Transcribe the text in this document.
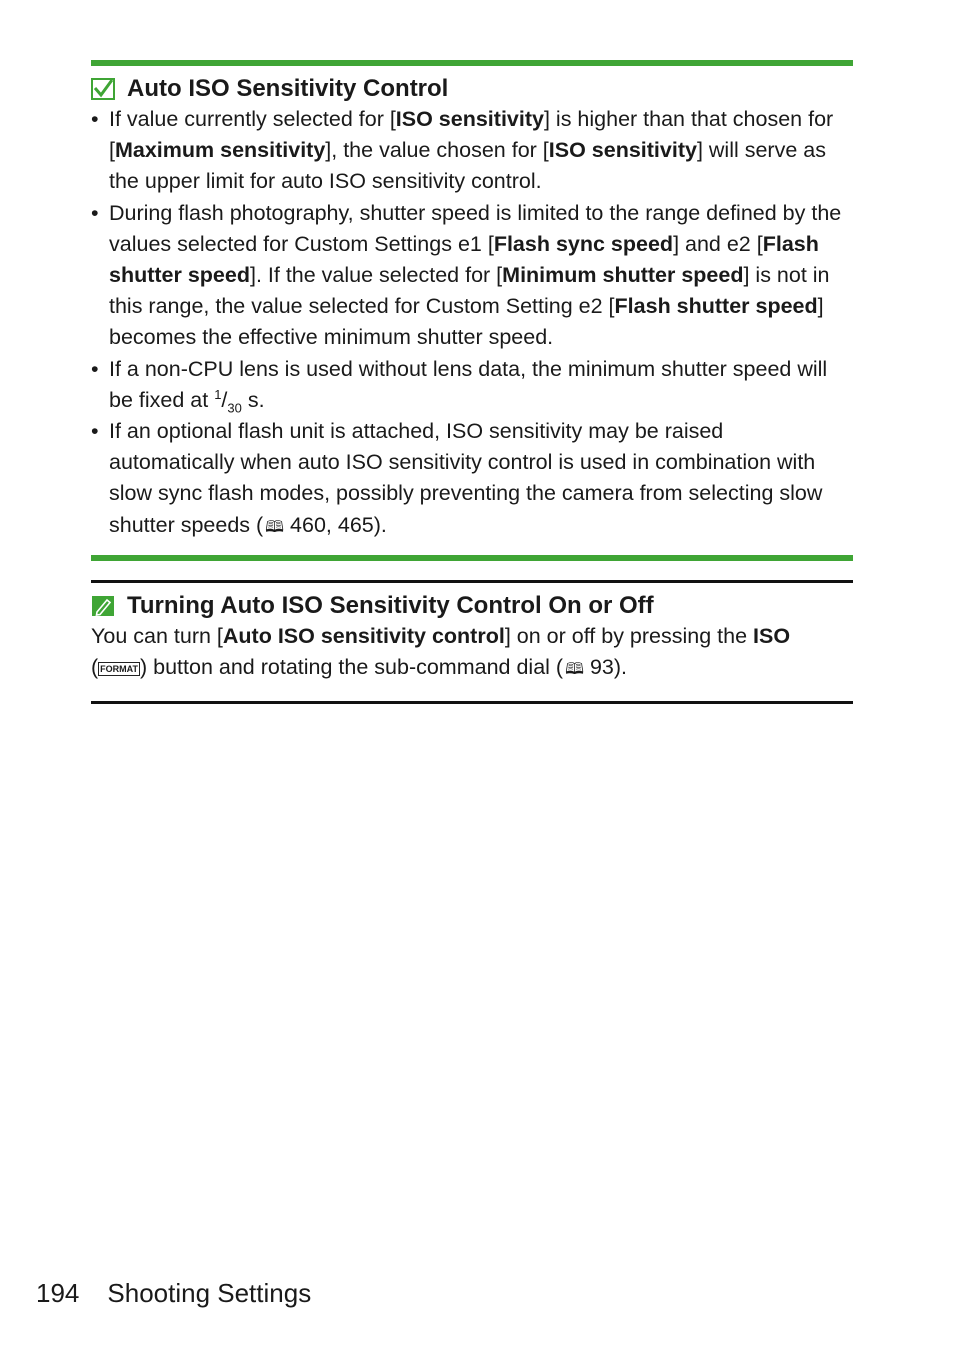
Auto ISO Sensitivity Control
• If value currently selected for [ISO sensitivity] is higher than that chosen for [Maximum sensitivity], the value chosen for [ISO sensitivity] will serve as the upper limit for auto ISO sensitivity control.
• During flash photography, shutter speed is limited to the range defined by the values selected for Custom Settings e1 [Flash sync speed] and e2 [Flash shutter speed]. If the value selected for [Minimum shutter speed] is not in this range, the value selected for Custom Setting e2 [Flash shutter speed] becomes the effective minimum shutter speed.
• If a non-CPU lens is used without lens data, the minimum shutter speed will be fixed at $^1/_{30}$ s.
• If an optional flash unit is attached, ISO sensitivity may be raised automatically when auto ISO sensitivity control is used in combination with slow sync flash modes, possibly preventing the camera from selecting slow shutter speeds ( 🕮 460, 465).
Turning Auto ISO Sensitivity Control On or Off

You can turn [Auto ISO sensitivity control] on or off by pressing the ISO
( FORMAT) button and rotating the sub-command dial ( 🕮 93).

194 Shooting Settings
